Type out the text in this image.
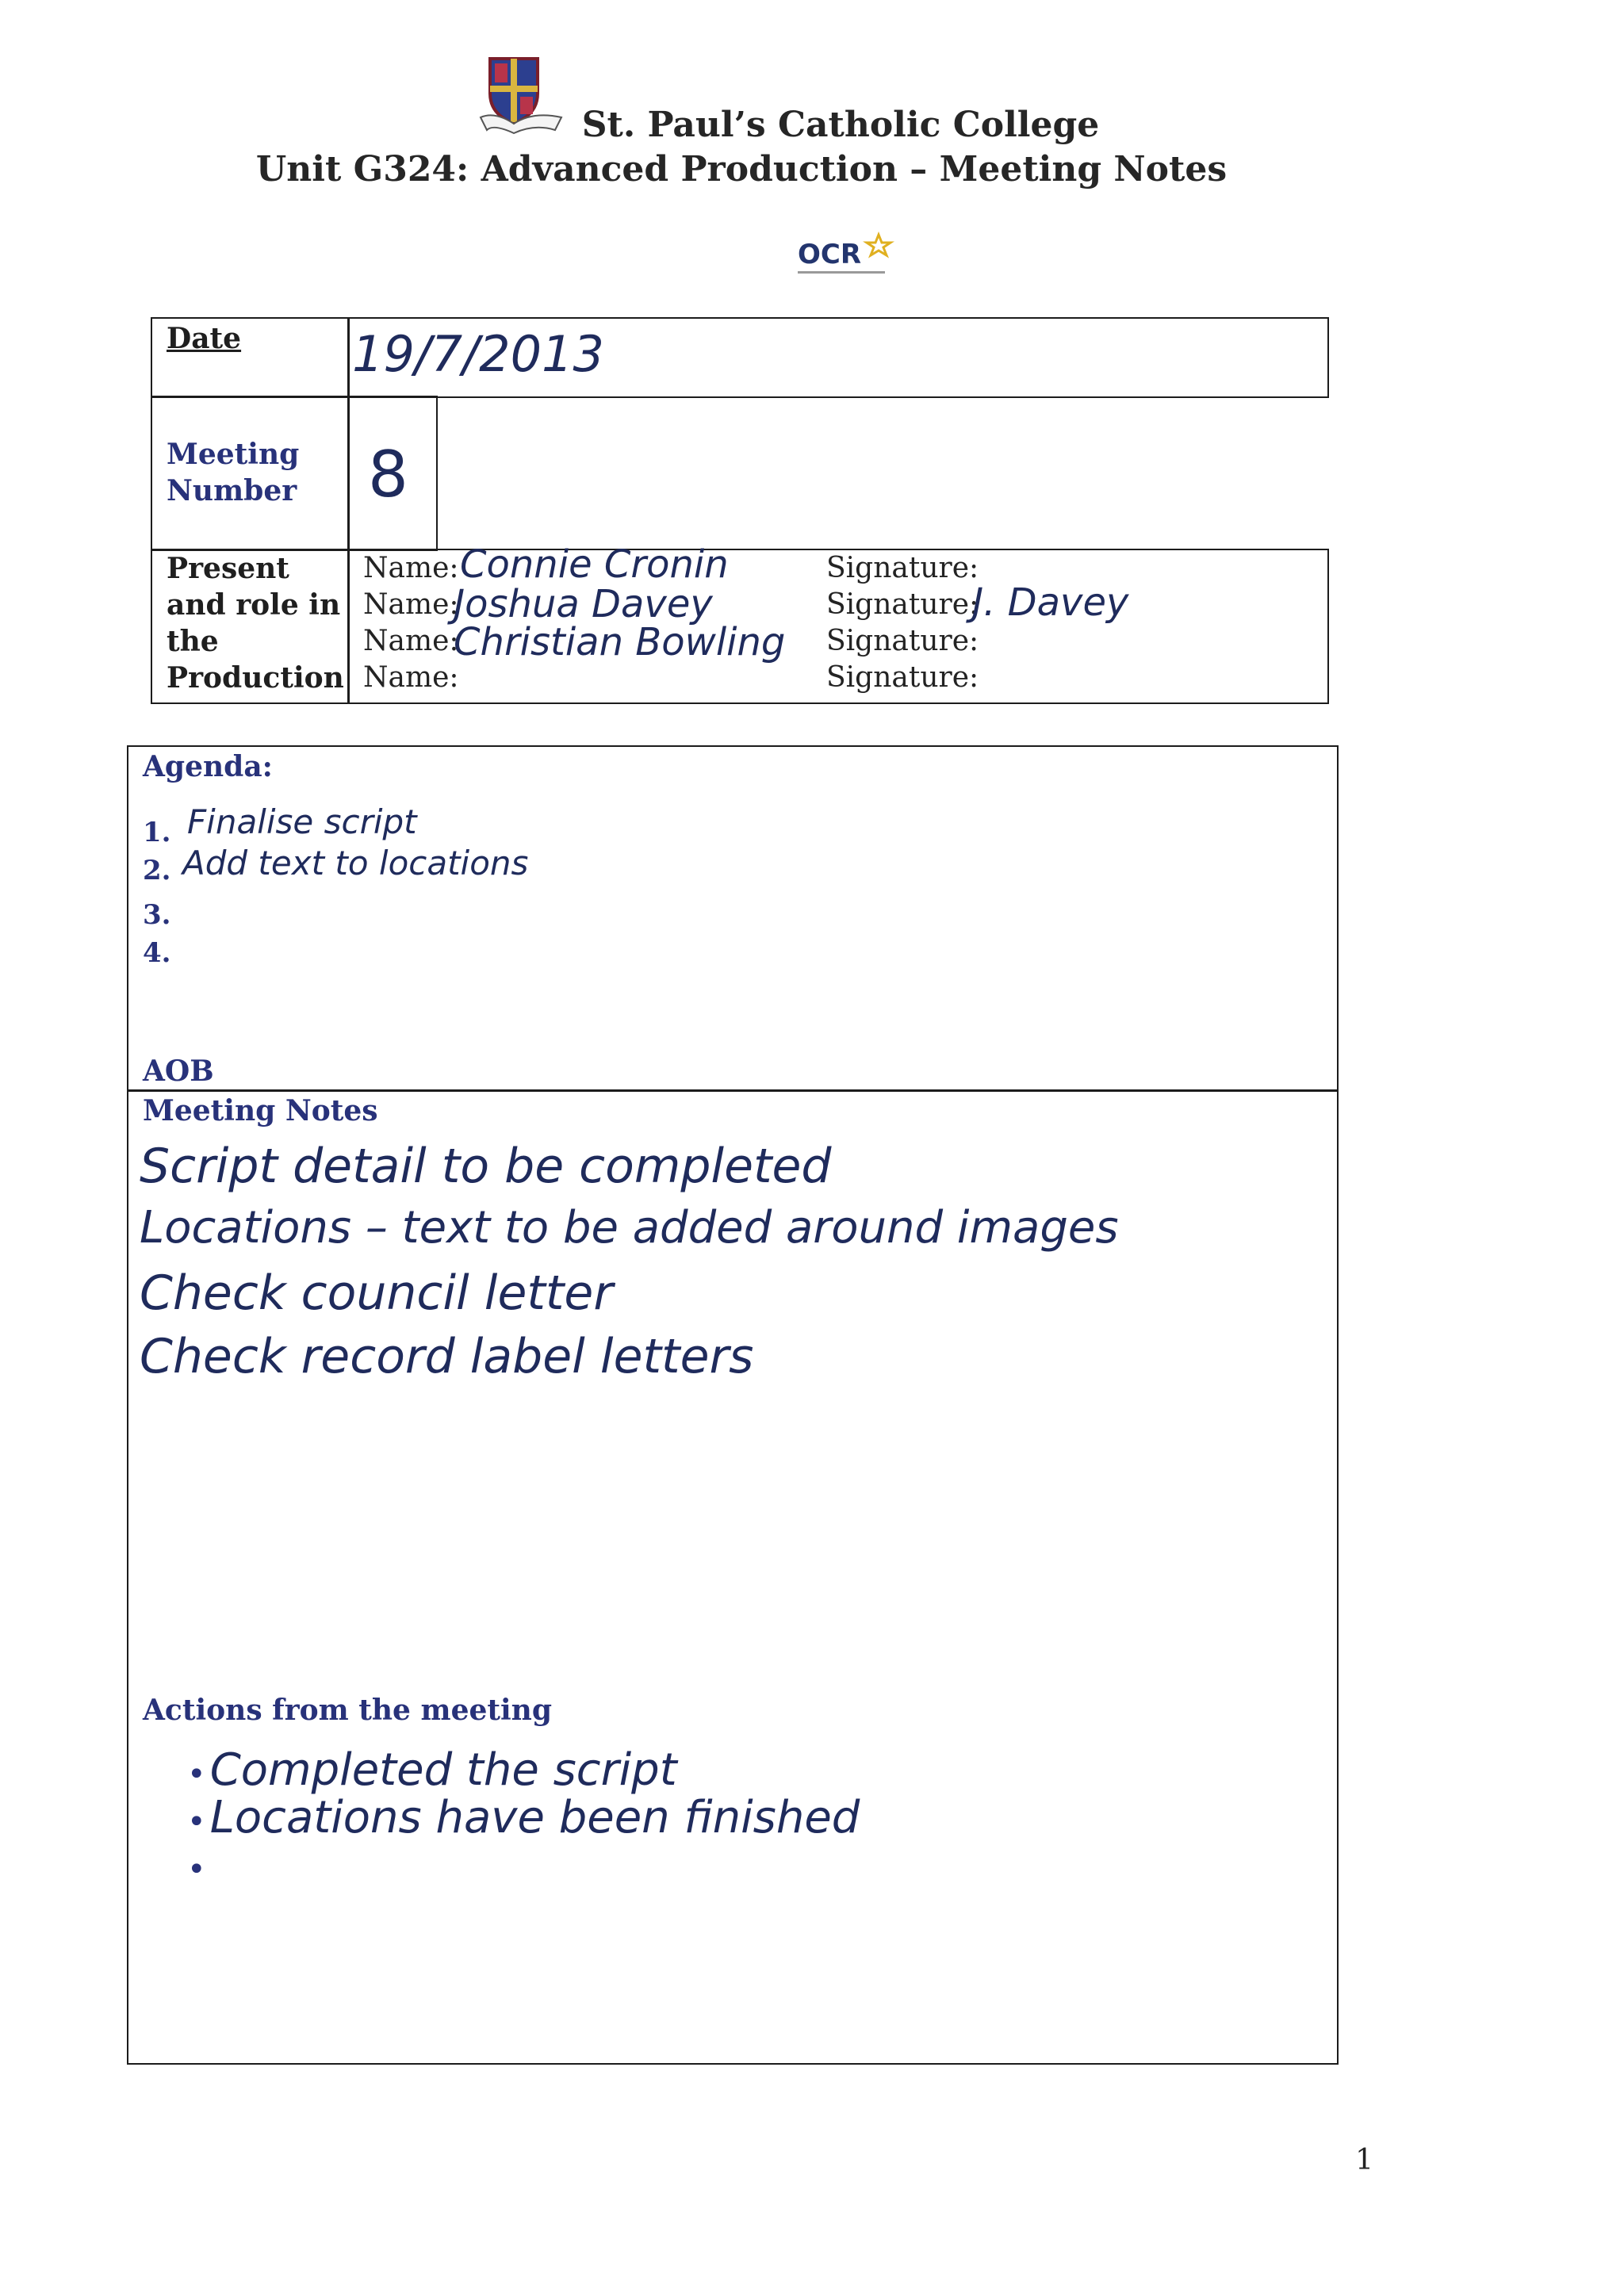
St. Paul’s Catholic College
Unit G324: Advanced Production – Meeting Notes
OCR
Date 19/7/2013
Meeting
Number 8
Present
and role in
the
Production
Name:
Name:
Name:
Name:
Connie Cronin
Joshua Davey
Christian Bowling
Signature:
Signature:
Signature:
Signature:
J. Davey
Agenda:
1. Finalise script
2. Add text to locations
3.
4.
AOB
Meeting Notes
Script detail to be completed
Locations – text to be added around images
Check council letter
Check record label letters
Actions from the meeting
• Completed the script
• Locations have been finished
•
1
